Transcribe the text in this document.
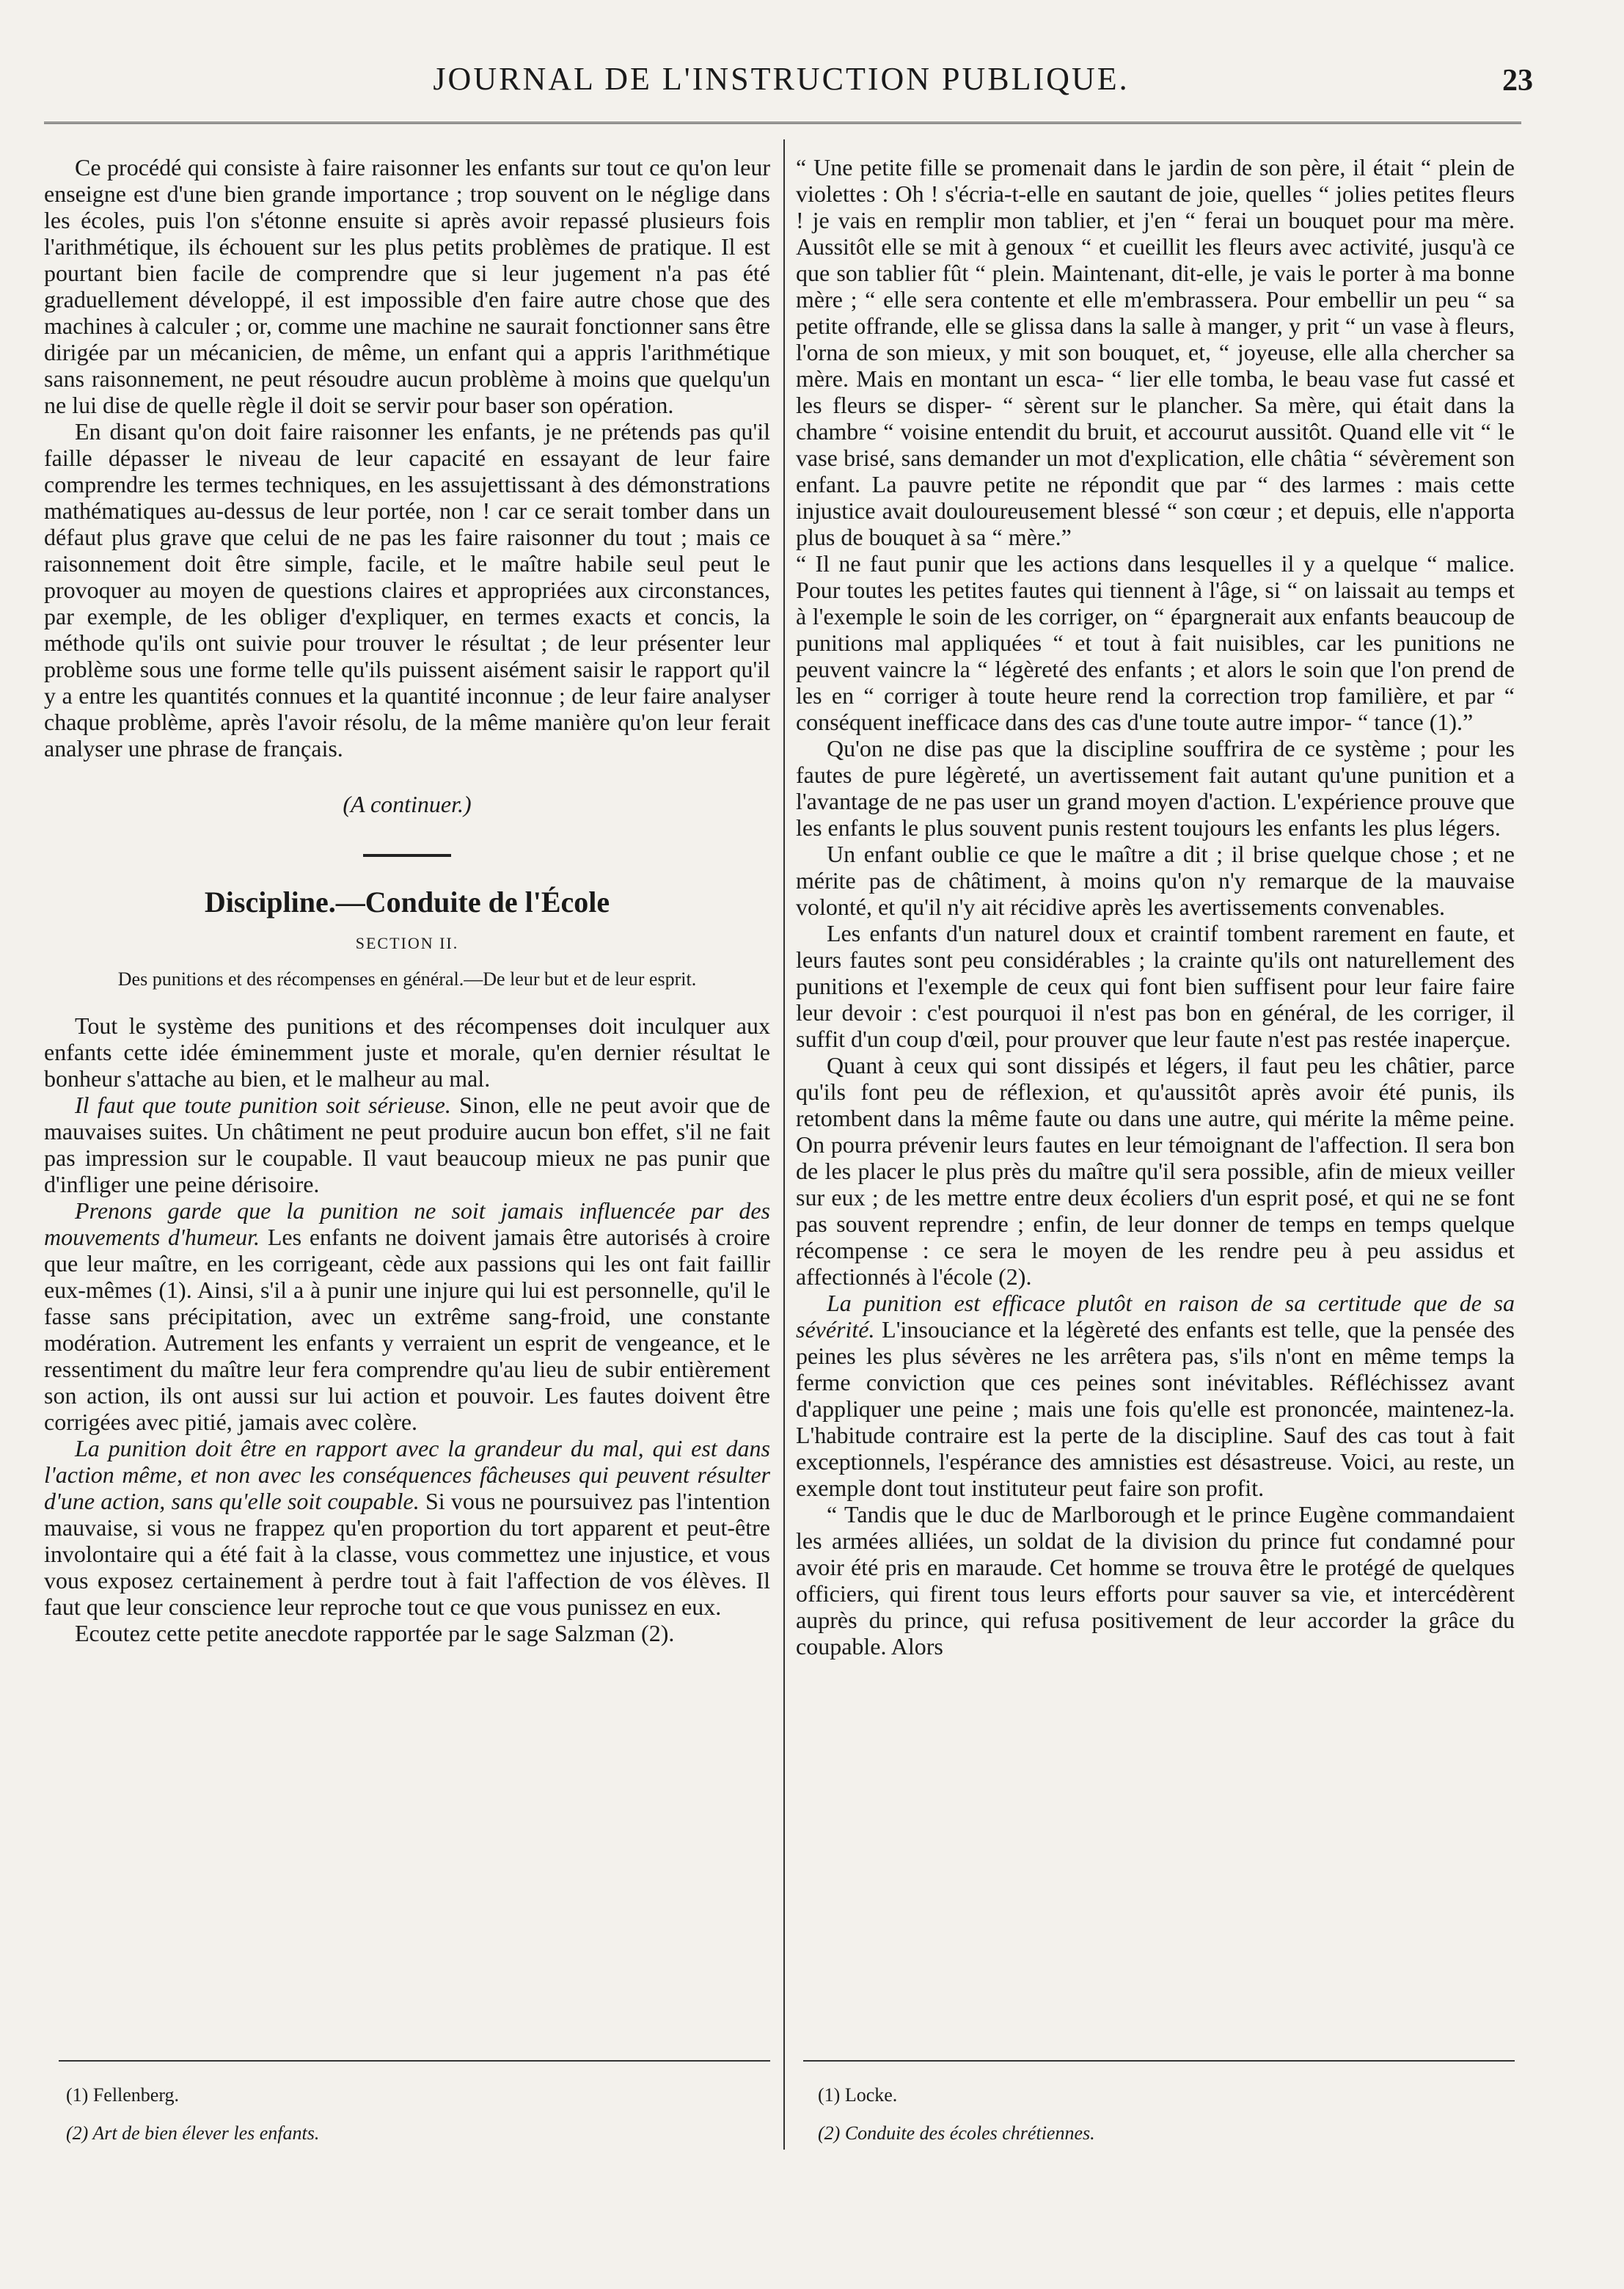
JOURNAL DE L'INSTRUCTION PUBLIQUE.	23

Ce procédé qui consiste à faire raisonner les enfants sur tout ce qu'on leur enseigne est d'une bien grande importance ; trop souvent on le néglige dans les écoles, puis l'on s'étonne ensuite si après avoir repassé plusieurs fois l'arithmétique, ils échouent sur les plus petits problèmes de pratique. Il est pourtant bien facile de comprendre que si leur jugement n'a pas été graduellement développé, il est impossible d'en faire autre chose que des machines à calculer ; or, comme une machine ne saurait fonctionner sans être dirigée par un mécanicien, de même, un enfant qui a appris l'arithmétique sans raisonnement, ne peut résoudre aucun problème à moins que quelqu'un ne lui dise de quelle règle il doit se servir pour baser son opération.

En disant qu'on doit faire raisonner les enfants, je ne prétends pas qu'il faille dépasser le niveau de leur capacité en essayant de leur faire comprendre les termes techniques, en les assujettissant à des démonstrations mathématiques au-dessus de leur portée, non ! car ce serait tomber dans un défaut plus grave que celui de ne pas les faire raisonner du tout ; mais ce raisonnement doit être simple, facile, et le maître habile seul peut le provoquer au moyen de questions claires et appropriées aux circonstances, par exemple, de les obliger d'expliquer, en termes exacts et concis, la méthode qu'ils ont suivie pour trouver le résultat ; de leur présenter leur problème sous une forme telle qu'ils puissent aisément saisir le rapport qu'il y a entre les quantités connues et la quantité inconnue ; de leur faire analyser chaque problème, après l'avoir résolu, de la même manière qu'on leur ferait analyser une phrase de français.

(A continuer.)
Discipline.—Conduite de l'École
SECTION II.
Des punitions et des récompenses en général.—De leur but et de leur esprit.

Tout le système des punitions et des récompenses doit inculquer aux enfants cette idée éminemment juste et morale, qu'en dernier résultat le bonheur s'attache au bien, et le malheur au mal.

Il faut que toute punition soit sérieuse. Sinon, elle ne peut avoir que de mauvaises suites. Un châtiment ne peut produire aucun bon effet, s'il ne fait pas impression sur le coupable. Il vaut beaucoup mieux ne pas punir que d'infliger une peine dérisoire.

Prenons garde que la punition ne soit jamais influencée par des mouvements d'humeur. Les enfants ne doivent jamais être autorisés à croire que leur maître, en les corrigeant, cède aux passions qui les ont fait faillir eux-mêmes (1). Ainsi, s'il a à punir une injure qui lui est personnelle, qu'il le fasse sans précipitation, avec un extrême sang-froid, une constante modération. Autrement les enfants y verraient un esprit de vengeance, et le ressentiment du maître leur fera comprendre qu'au lieu de subir entièrement son action, ils ont aussi sur lui action et pouvoir. Les fautes doivent être corrigées avec pitié, jamais avec colère.

La punition doit être en rapport avec la grandeur du mal, qui est dans l'action même, et non avec les conséquences fâcheuses qui peuvent résulter d'une action, sans qu'elle soit coupable. Si vous ne poursuivez pas l'intention mauvaise, si vous ne frappez qu'en proportion du tort apparent et peut-être involontaire qui a été fait à la classe, vous commettez une injustice, et vous vous exposez certainement à perdre tout à fait l'affection de vos élèves. Il faut que leur conscience leur reproche tout ce que vous punissez en eux.

Ecoutez cette petite anecdote rapportée par le sage Salzman (2).

“ Une petite fille se promenait dans le jardin de son père, il était “ plein de violettes : Oh ! s'écria-t-elle en sautant de joie, quelles “ jolies petites fleurs ! je vais en remplir mon tablier, et j'en “ ferai un bouquet pour ma mère. Aussitôt elle se mit à genoux “ et cueillit les fleurs avec activité, jusqu'à ce que son tablier fût “ plein. Maintenant, dit-elle, je vais le porter à ma bonne mère ; “ elle sera contente et elle m'embrassera. Pour embellir un peu “ sa petite offrande, elle se glissa dans la salle à manger, y prit “ un vase à fleurs, l'orna de son mieux, y mit son bouquet, et, “ joyeuse, elle alla chercher sa mère. Mais en montant un esca- “ lier elle tomba, le beau vase fut cassé et les fleurs se disper- “ sèrent sur le plancher. Sa mère, qui était dans la chambre “ voisine entendit du bruit, et accourut aussitôt. Quand elle vit “ le vase brisé, sans demander un mot d'explication, elle châtia “ sévèrement son enfant. La pauvre petite ne répondit que par “ des larmes : mais cette injustice avait douloureusement blessé “ son cœur ; et depuis, elle n'apporta plus de bouquet à sa “ mère.”

“ Il ne faut punir que les actions dans lesquelles il y a quelque “ malice. Pour toutes les petites fautes qui tiennent à l'âge, si “ on laissait au temps et à l'exemple le soin de les corriger, on “ épargnerait aux enfants beaucoup de punitions mal appliquées “ et tout à fait nuisibles, car les punitions ne peuvent vaincre la “ légèreté des enfants ; et alors le soin que l'on prend de les en “ corriger à toute heure rend la correction trop familière, et par “ conséquent inefficace dans des cas d'une toute autre impor- “ tance (1).”

Qu'on ne dise pas que la discipline souffrira de ce système ; pour les fautes de pure légèreté, un avertissement fait autant qu'une punition et a l'avantage de ne pas user un grand moyen d'action. L'expérience prouve que les enfants le plus souvent punis restent toujours les enfants les plus légers.

Un enfant oublie ce que le maître a dit ; il brise quelque chose ; et ne mérite pas de châtiment, à moins qu'on n'y remarque de la mauvaise volonté, et qu'il n'y ait récidive après les avertissements convenables.

Les enfants d'un naturel doux et craintif tombent rarement en faute, et leurs fautes sont peu considérables ; la crainte qu'ils ont naturellement des punitions et l'exemple de ceux qui font bien suffisent pour leur faire faire leur devoir : c'est pourquoi il n'est pas bon en général, de les corriger, il suffit d'un coup d'œil, pour prouver que leur faute n'est pas restée inaperçue.

Quant à ceux qui sont dissipés et légers, il faut peu les châtier, parce qu'ils font peu de réflexion, et qu'aussitôt après avoir été punis, ils retombent dans la même faute ou dans une autre, qui mérite la même peine. On pourra prévenir leurs fautes en leur témoignant de l'affection. Il sera bon de les placer le plus près du maître qu'il sera possible, afin de mieux veiller sur eux ; de les mettre entre deux écoliers d'un esprit posé, et qui ne se font pas souvent reprendre ; enfin, de leur donner de temps en temps quelque récompense : ce sera le moyen de les rendre peu à peu assidus et affectionnés à l'école (2).

La punition est efficace plutôt en raison de sa certitude que de sa sévérité. L'insouciance et la légèreté des enfants est telle, que la pensée des peines les plus sévères ne les arrêtera pas, s'ils n'ont en même temps la ferme conviction que ces peines sont inévitables. Réfléchissez avant d'appliquer une peine ; mais une fois qu'elle est prononcée, maintenez-la. L'habitude contraire est la perte de la discipline. Sauf des cas tout à fait exceptionnels, l'espérance des amnisties est désastreuse. Voici, au reste, un exemple dont tout instituteur peut faire son profit.

“ Tandis que le duc de Marlborough et le prince Eugène commandaient les armées alliées, un soldat de la division du prince fut condamné pour avoir été pris en maraude. Cet homme se trouva être le protégé de quelques officiers, qui firent tous leurs efforts pour sauver sa vie, et intercédèrent auprès du prince, qui refusa positivement de leur accorder la grâce du coupable. Alors

(1) Fellenberg.
(2) Art de bien élever les enfants.
(1) Locke.
(2) Conduite des écoles chrétiennes.
